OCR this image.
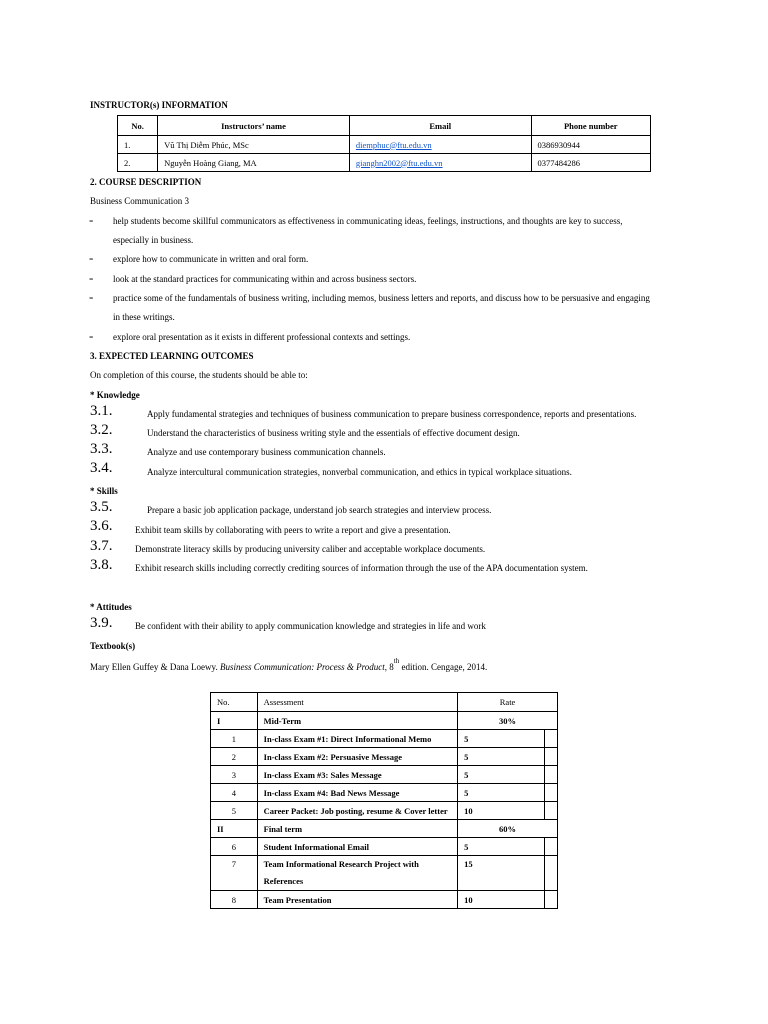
INSTRUCTOR(s) INFORMATION
No.	Instructors’ name	Email	Phone number
1.	Vũ Thị Diễm Phúc, MSc	diemphuc@ftu.edu.vn	0386930944
2.	Nguyễn Hoàng Giang, MA	gianghn2002@ftu.edu.vn	0377484286
2. COURSE DESCRIPTION
Business Communication 3
- help students become skillful communicators as effectiveness in communicating ideas, feelings, instructions, and thoughts are key to success,
especially in business.
- explore how to communicate in written and oral form.
- look at the standard practices for communicating within and across business sectors.
- practice some of the fundamentals of business writing, including memos, business letters and reports, and discuss how to be persuasive and engaging
in these writings.
- explore oral presentation as it exists in different professional contexts and settings.
3. EXPECTED LEARNING OUTCOMES
On completion of this course, the students should be able to:
* Knowledge
3.1.	Apply fundamental strategies and techniques of business communication to prepare business correspondence, reports and presentations.
3.2.	Understand the characteristics of business writing style and the essentials of effective document design.
3.3.	Analyze and use contemporary business communication channels.
3.4.	Analyze intercultural communication strategies, nonverbal communication, and ethics in typical workplace situations.
* Skills
3.5.	Prepare a basic job application package, understand job search strategies and interview process.
3.6.	Exhibit team skills by collaborating with peers to write a report and give a presentation.
3.7.	Demonstrate literacy skills by producing university caliber and acceptable workplace documents.
3.8.	Exhibit research skills including correctly crediting sources of information through the use of the APA documentation system.
* Attitudes
3.9.	Be confident with their ability to apply communication knowledge and strategies in life and work
Textbook(s)
Mary Ellen Guffey & Dana Loewy. Business Communication: Process & Product, 8th edition. Cengage, 2014.
No.	Assessment	Rate	
I	Mid-Term	30%	
1	In-class Exam #1: Direct Informational Memo	5	
2	In-class Exam #2: Persuasive Message	5	
3	In-class Exam #3: Sales Message	5	
4	In-class Exam #4: Bad News Message	5	
5	Career Packet: Job posting, resume & Cover letter	10	
II	Final term	60%	
6	Student Informational Email	5	
7	Team Informational Research Project with
References	15	
8	Team Presentation	10	
